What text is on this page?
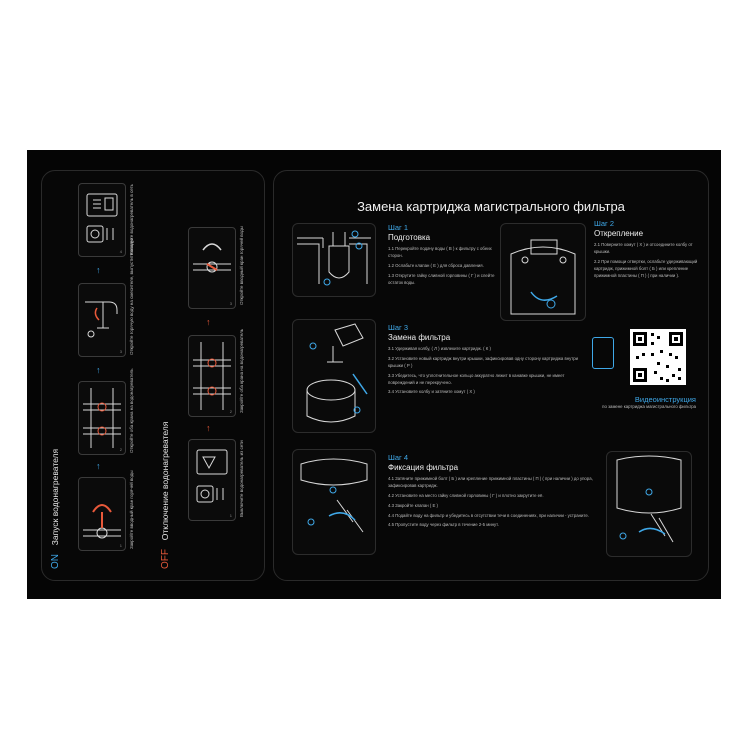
ON Запуск водонагревателя
1 Закройте вводный кран горячей воды
↑
2 Откройте оба крана на водонагреватель
↑
3 Откройте горячую воду на смесителе, выпустите воздух
↑
4 Включите водонагреватель в сеть
OFF Отключение водонагревателя	1 Выключите водонагреватель из сети
↑
2 Закройте оба крана на водонагреватель
↑
3 Откройте вводный кран горячей воды
Замена картриджа магистрального фильтра
Шаг 1
Подготовка
1.1 Перекройте подачу воды ( В ) к фильтру с обеих сторон.
1.2 Ослабьте клапан ( Е ) для сброса давления.
1.3 Открутите гайку сливной горловины ( Г ) и слейте остаток воды.
Шаг 2
Открепление
2.1 Поверните хомут ( Х ) и отсоедините колбу от крышки.
2.2 При помощи отвертки, ослабьте удерживающий картридж, прижимной болт ( Б ) или крепление прижимной пластины ( П ) ( при наличии ).
Шаг 3
Замена фильтра
3.1 Удерживая колбу, ( Л ) извлеките картридж. ( К )
3.2 Установите новый картридж внутри крышки, зафиксировав одну сторону картриджа внутри крышки ( Р )
3.3 Убедитесь, что уплотнительное кольцо аккуратно лежит в канавке крышки, не имеет повреждений и не перекручено.
3.4 Установите колбу и затяните хомут ( Х )
Видеоинструкция
по замене картриджа магистрального фильтра
Шаг 4
Фиксация фильтра
4.1 Затяните прижимной болт ( Б ) или крепление прижимной пластины ( П ) ( при наличии ) до упора, зафиксировав картридж.
4.2 Установите на место гайку сливной горловины ( Г ) и плотно закрутите её.
4.3 Закройте клапан ( Е )
4.4 Подайте воду на фильтр и убедитесь в отсутствии течи в соединениях, при наличии - устраните.
4.5 Пропустите воду через фильтр в течение 2-5 минут.
